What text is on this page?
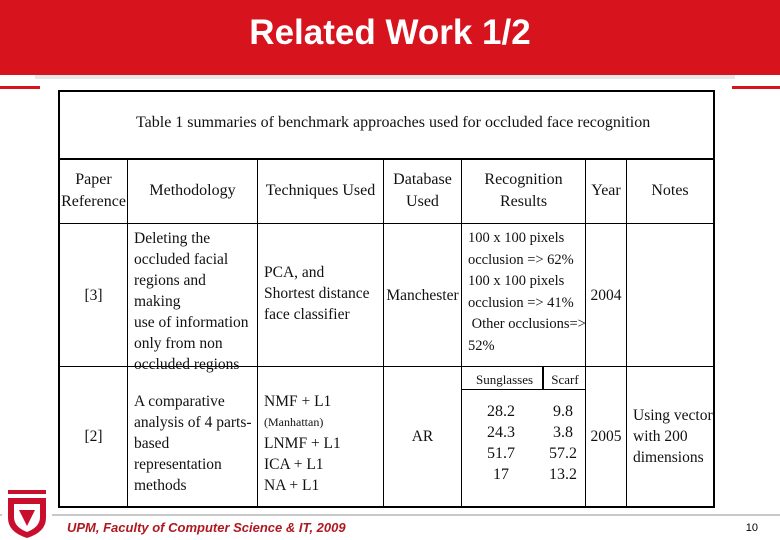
Related Work 1/2
Table 1 summaries of benchmark approaches used for occluded face recognition
Paper
Reference
Methodology Techniques Used
Database
Used
Recognition
Results
Year Notes
[3]
Deleting the
occluded facial
regions and making
use of information
only from non
occluded regions
PCA, and
Shortest distance
face classifier
Manchester
100 x 100 pixels
occlusion => 62%
100 x 100 pixels
occlusion => 41%
Other occlusions=>
52%
2004
[2]
A comparative
analysis of 4 parts-
based representation
methods
NMF + L1
(Manhattan)
LNMF + L1
ICA + L1
NA + L1
AR
Sunglasses	Scarf
28.2
24.3
51.7
17
9.8
3.8
57.2
13.2
2005
Using vector
with 200
dimensions
UPM, Faculty of Computer Science & IT, 2009	10
